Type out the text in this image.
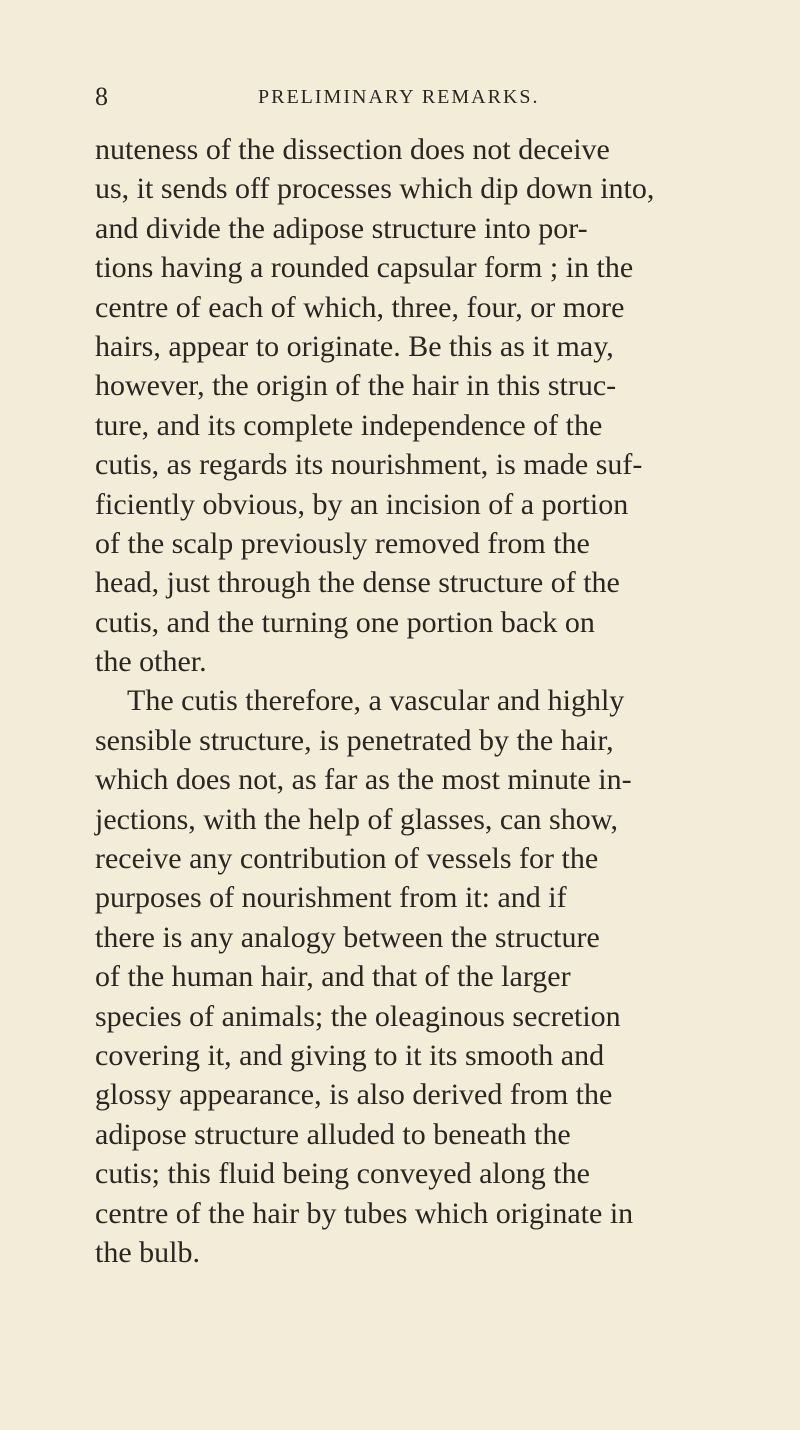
8	PRELIMINARY REMARKS.
nuteness of the dissection does not deceive
us, it sends off processes which dip down into,
and divide the adipose structure into por-
tions having a rounded capsular form ; in the
centre of each of which, three, four, or more
hairs, appear to originate. Be this as it may,
however, the origin of the hair in this struc-
ture, and its complete independence of the
cutis, as regards its nourishment, is made suf-
ficiently obvious, by an incision of a portion
of the scalp previously removed from the
head, just through the dense structure of the
cutis, and the turning one portion back on
the other.
The cutis therefore, a vascular and highly
sensible structure, is penetrated by the hair,
which does not, as far as the most minute in-
jections, with the help of glasses, can show,
receive any contribution of vessels for the
purposes of nourishment from it: and if
there is any analogy between the structure
of the human hair, and that of the larger
species of animals; the oleaginous secretion
covering it, and giving to it its smooth and
glossy appearance, is also derived from the
adipose structure alluded to beneath the
cutis; this fluid being conveyed along the
centre of the hair by tubes which originate in
the bulb.
